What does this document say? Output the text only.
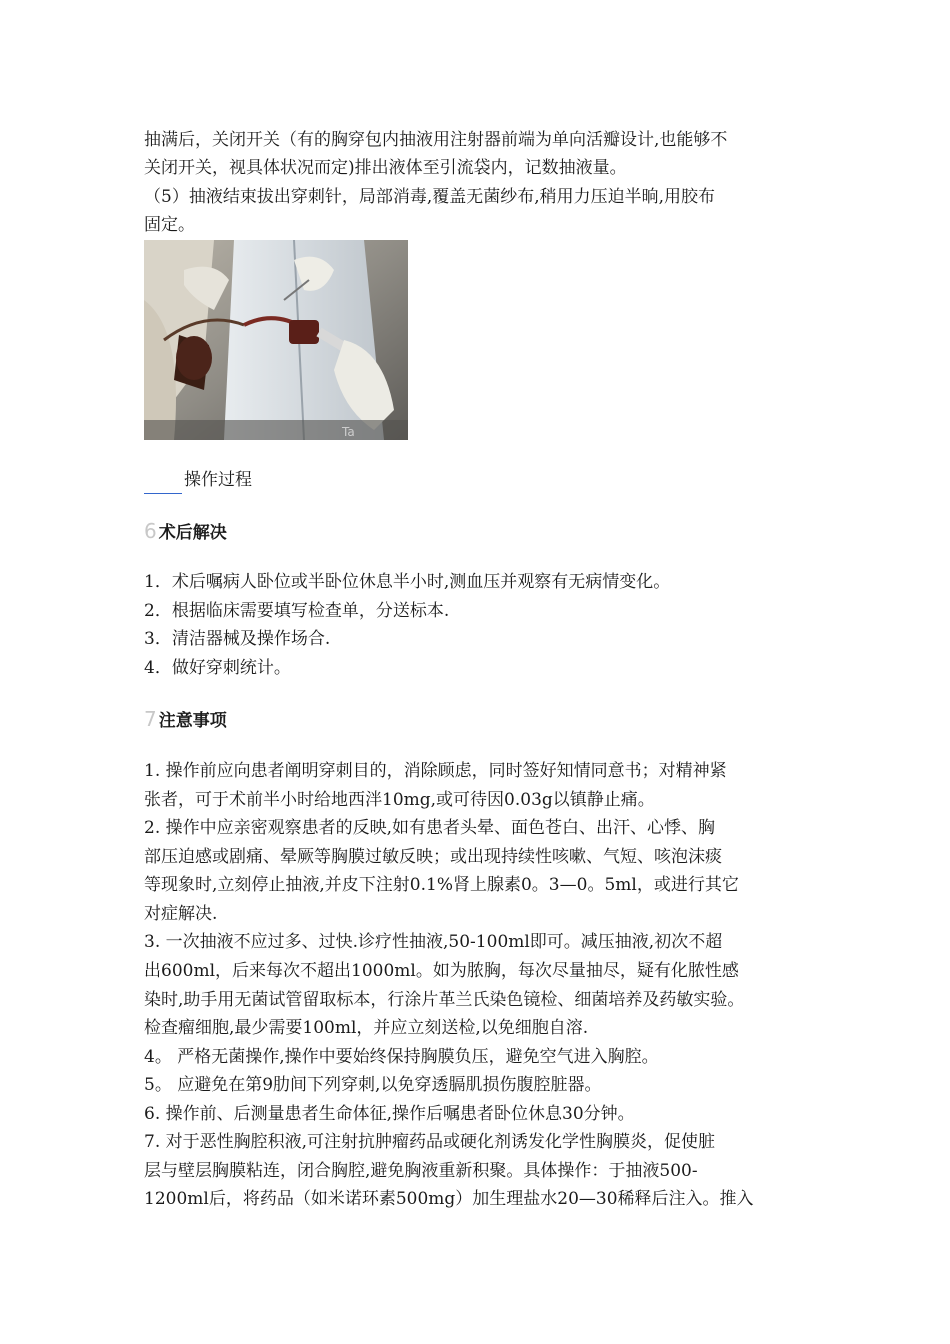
抽满后，关闭开关（有的胸穿包内抽液用注射器前端为单向活瓣设计,也能够不
关闭开关，视具体状况而定)排出液体至引流袋内，记数抽液量。
（5）抽液结束拔出穿刺针，局部消毒,覆盖无菌纱布,稍用力压迫半晌,用胶布
固定。
Ta
操作过程
6 术后解决
1．术后嘱病人卧位或半卧位休息半小时,测血压并观察有无病情变化。
2．根据临床需要填写检查单，分送标本.
3．清洁器械及操作场合.
4．做好穿刺统计。
7 注意事项
1. 操作前应向患者阐明穿刺目的，消除顾虑，同时签好知情同意书；对精神紧
张者，可于术前半小时给地西泮10mg,或可待因0.03g以镇静止痛。
2. 操作中应亲密观察患者的反映,如有患者头晕、面色苍白、出汗、心悸、胸
部压迫感或剧痛、晕厥等胸膜过敏反映；或出现持续性咳嗽、气短、咳泡沫痰
等现象时,立刻停止抽液,并皮下注射0.1%肾上腺素0。3—0。5ml，或进行其它
对症解决.
3. 一次抽液不应过多、过快.诊疗性抽液,50-100ml即可。减压抽液,初次不超
出600ml，后来每次不超出1000ml。如为脓胸，每次尽量抽尽，疑有化脓性感
染时,助手用无菌试管留取标本，行涂片革兰氏染色镜检、细菌培养及药敏实验。
检查瘤细胞,最少需要100ml，并应立刻送检,以免细胞自溶.
4。 严格无菌操作,操作中要始终保持胸膜负压，避免空气进入胸腔。
5。 应避免在第9肋间下列穿刺,以免穿透膈肌损伤腹腔脏器。
6. 操作前、后测量患者生命体征,操作后嘱患者卧位休息30分钟。
7. 对于恶性胸腔积液,可注射抗肿瘤药品或硬化剂诱发化学性胸膜炎，促使脏
层与壁层胸膜粘连，闭合胸腔,避免胸液重新积聚。具体操作：于抽液500-
1200ml后，将药品（如米诺环素500mg）加生理盐水20—30稀释后注入。推入
